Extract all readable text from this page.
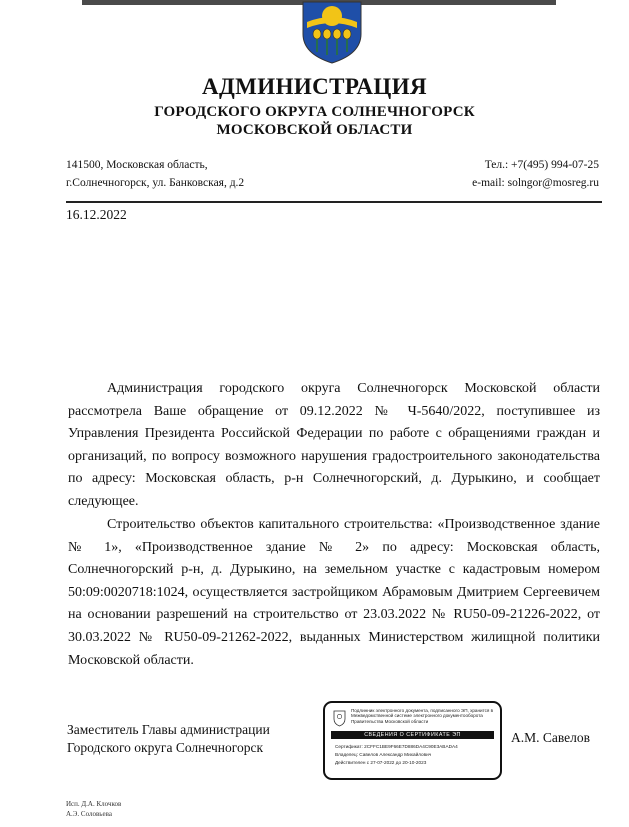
АДМИНИСТРАЦИЯ
ГОРОДСКОГО ОКРУГА СОЛНЕЧНОГОРСК
МОСКОВСКОЙ ОБЛАСТИ
141500, Московская область,
г.Солнечногорск, ул. Банковская, д.2
Тел.: +7(495) 994-07-25
e-mail: solngor@mosreg.ru
16.12.2022

Администрация городского округа Солнечногорск Московской области рассмотрела Ваше обращение от 09.12.2022 № Ч-5640/2022, поступившее из Управления Президента Российской Федерации по работе с обращениями граждан и организаций, по вопросу возможного нарушения градостроительного законодательства по адресу: Московская область, р-н Солнечногорский, д. Дурыкино, и сообщает следующее.

Строительство объектов капитального строительства: «Производственное здание № 1», «Производственное здание № 2» по адресу: Московская область, Солнечногорский р-н, д. Дурыкино, на земельном участке с кадастровым номером 50:09:0020718:1024, осуществляется застройщиком Абрамовым Дмитрием Сергеевичем на основании разрешений на строительство от 23.03.2022 № RU50-09-21226-2022, от 30.03.2022 № RU50-09-21262-2022, выданных Министерством жилищной политики Московской области.

Заместитель Главы администрации
Городского округа Солнечногорск
Подлинник электронного документа, подписанного ЭП, хранится в Межведомственной системе электронного документооборота Правительства Московской области
СВЕДЕНИЯ О СЕРТИФИКАТЕ ЭП
Сертификат: 2CFFC1BE9F66E7D886DA4C90E3ABADA4
Владелец: Савелов Александр Михайлович
Действителен с 27-07-2022 до 20-10-2023
А.М. Савелов
Исп. Д.А. Клочков
А.Э. Соловьева
